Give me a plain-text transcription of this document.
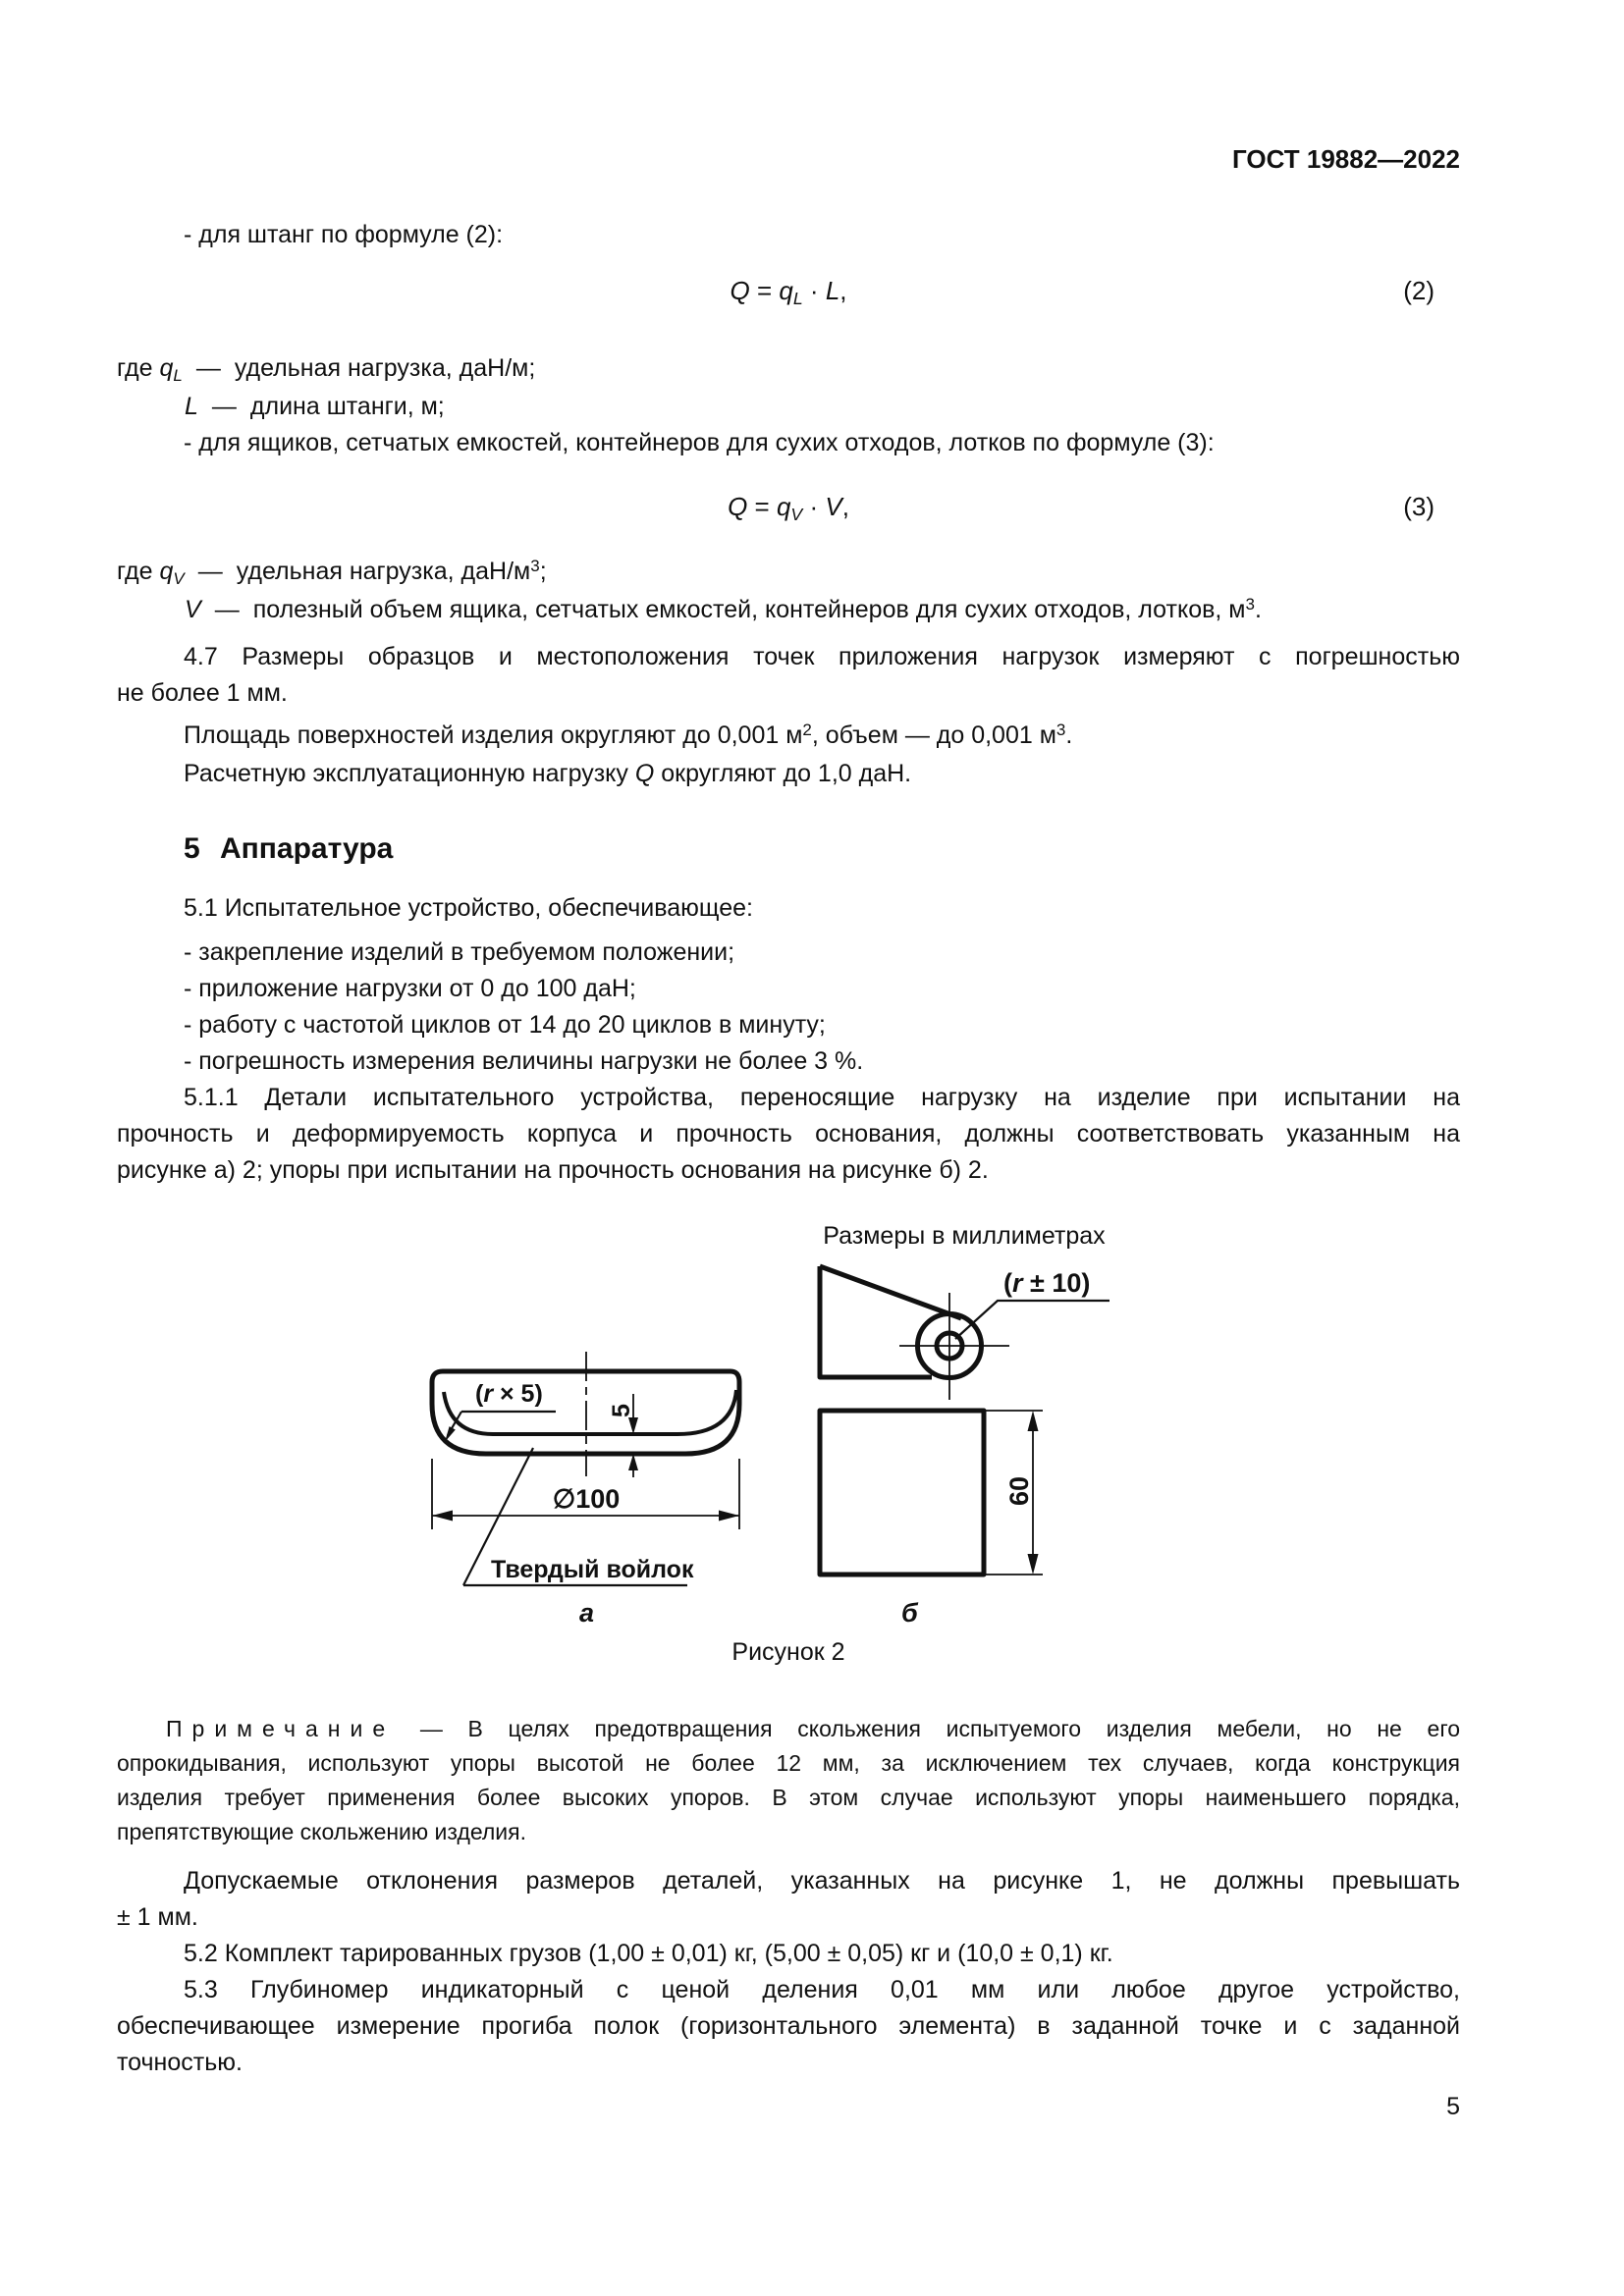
ГОСТ 19882—2022

- для штанг по формуле (2):

$Q = q_L \cdot L$,	(2)

где $q_L$ — удельная нагрузка, даН/м;

L — длина штанги, м;

- для ящиков, сетчатых емкостей, контейнеров для сухих отходов, лотков по формуле (3):

$Q = q_V \cdot V$,	(3)

где $q_V$ — удельная нагрузка, даН/$м^3$;

V — полезный объем ящика, сетчатых емкостей, контейнеров для сухих отходов, лотков, $м^3$.

4.7 Размеры образцов и местоположения точек приложения нагрузок измеряют с погрешностью

не более 1 мм.

Площадь поверхностей изделия округляют до 0,001 $м^2$, объем — до 0,001 $м^3$.

Расчетную эксплуатационную нагрузку Q округляют до 1,0 даН.

5 Аппаратура

5.1 Испытательное устройство, обеспечивающее:

- закрепление изделий в требуемом положении;

- приложение нагрузки от 0 до 100 даН;

- работу с частотой циклов от 14 до 20 циклов в минуту;

- погрешность измерения величины нагрузки не более 3 %.

5.1.1 Детали испытательного устройства, переносящие нагрузку на изделие при испытании на

прочность и деформируемость корпуса и прочность основания, должны соответствовать указанным на

рисунке а) 2; упоры при испытании на прочность основания на рисунке б) 2.

Размеры в миллиметрах
(r × 5)
5
∅100
Твердый войлок
а
(r ± 10)
60
б

Рисунок 2

Примечание — В целях предотвращения скольжения испытуемого изделия мебели, но не его

опрокидывания, используют упоры высотой не более 12 мм, за исключением тех случаев, когда конструкция

изделия требует применения более высоких упоров. В этом случае используют упоры наименьшего порядка,

препятствующие скольжению изделия.

Допускаемые отклонения размеров деталей, указанных на рисунке 1, не должны превышать

± 1 мм.

5.2 Комплект тарированных грузов (1,00 ± 0,01) кг, (5,00 ± 0,05) кг и (10,0 ± 0,1) кг.

5.3 Глубиномер индикаторный с ценой деления 0,01 мм или любое другое устройство,

обеспечивающее измерение прогиба полок (горизонтального элемента) в заданной точке и с заданной

точностью.

5
